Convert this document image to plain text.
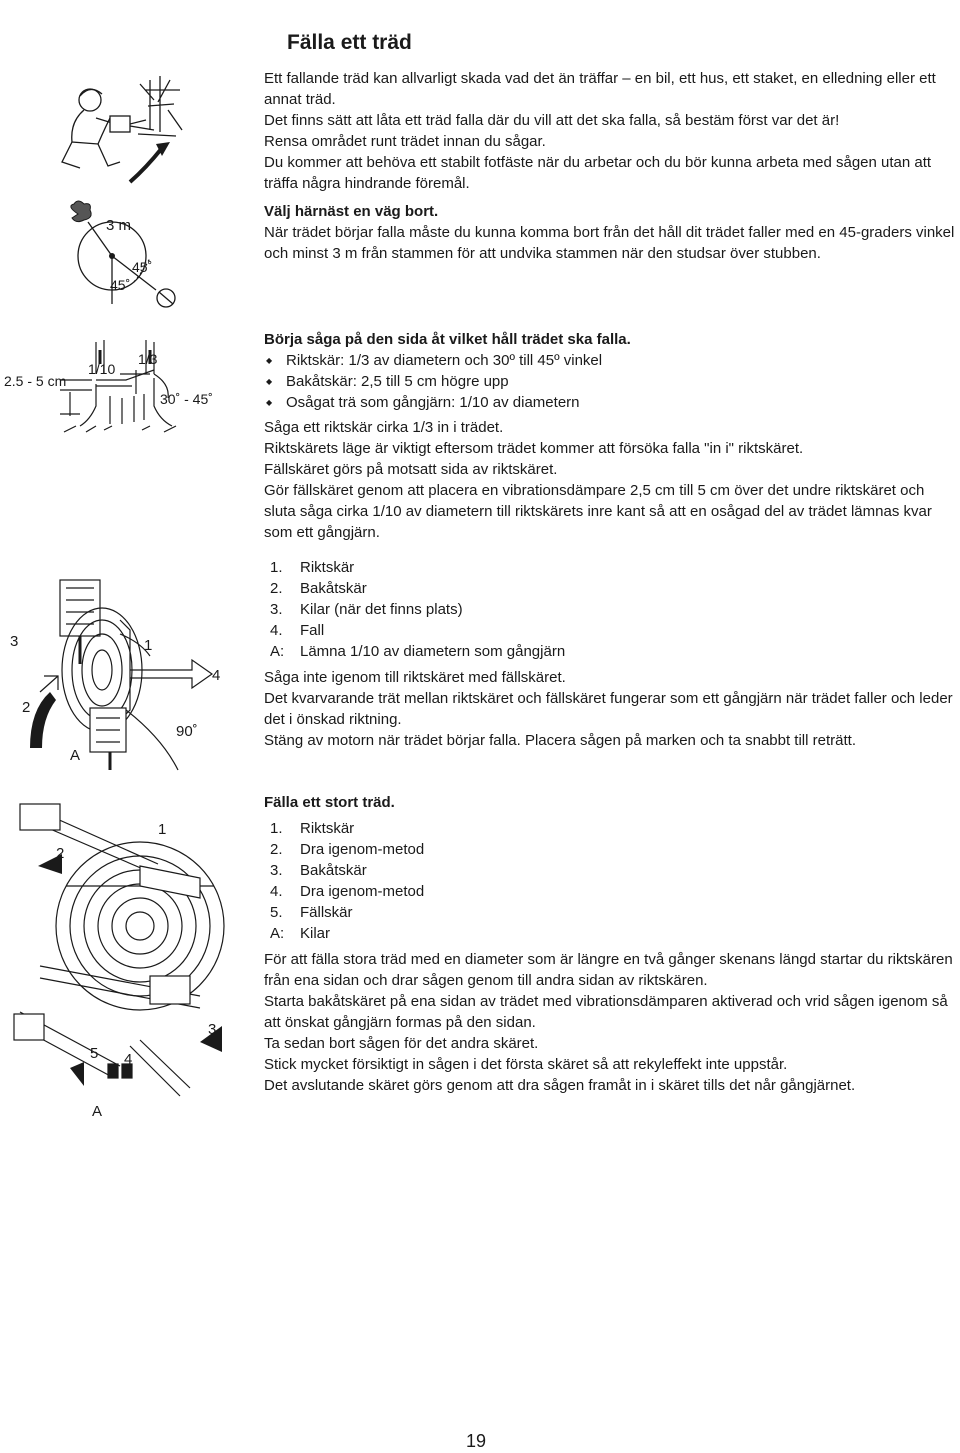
Fälla ett träd
3 m
45˚
45˚
2.5 - 5 cm
1/10
1/3
30˚ - 45˚
3	1
4
2
A
90˚
1
2
3
5 4
A

Ett fallande träd kan allvarligt skada vad det än träffar – en bil, ett hus, ett staket, en elledning eller ett annat träd.

Det finns sätt att låta ett träd falla där du vill att det ska falla, så bestäm först var det är!

Rensa området runt trädet innan du sågar.

Du kommer att behöva ett stabilt fotfäste när du arbetar och du bör kunna arbeta med sågen utan att träffa några hindrande föremål.

Välj härnäst en väg bort.

När trädet börjar falla måste du kunna komma bort från det håll dit trädet faller med en 45-graders vinkel och minst 3 m från stammen för att undvika stammen när den studsar över stubben.

Börja såga på den sida åt vilket håll trädet ska falla.

◆ Riktskär: 1/3 av diametern och 30º till 45º vinkel
◆ Bakåtskär: 2,5 till 5 cm högre upp
◆ Osågat trä som gångjärn: 1/10 av diametern

Såga ett riktskär cirka 1/3 in i trädet.

Riktskärets läge är viktigt eftersom trädet kommer att försöka falla "in i" riktskäret.

Fällskäret görs på motsatt sida av riktskäret.

Gör fällskäret genom att placera en vibrationsdämpare 2,5 cm till 5 cm över det undre riktskäret och sluta såga cirka 1/10 av diametern till riktskärets inre kant så att en osågad del av trädet lämnas kvar som ett gångjärn.

1.	Riktskär
2.	Bakåtskär
3.	Kilar (när det finns plats)
4.	Fall
A:	Lämna 1/10 av diametern som gångjärn

Såga inte igenom till riktskäret med fällskäret.

Det kvarvarande trät mellan riktskäret och fällskäret fungerar som ett gångjärn när trädet faller och leder det i önskad riktning.

Stäng av motorn när trädet börjar falla. Placera sågen på marken och ta snabbt till reträtt.

Fälla ett stort träd.

1.	Riktskär
2.	Dra igenom-metod
3.	Bakåtskär
4.	Dra igenom-metod
5.	Fällskär
A:	Kilar

För att fälla stora träd med en diameter som är längre en två gånger skenans längd startar du riktskären från ena sidan och drar sågen genom till andra sidan av riktskären.

Starta bakåtskäret på ena sidan av trädet med vibrationsdämparen aktiverad och vrid sågen igenom så att önskat gångjärn formas på den sidan.

Ta sedan bort sågen för det andra skäret.

Stick mycket försiktigt in sågen i det första skäret så att rekyleffekt inte uppstår.

Det avslutande skäret görs genom att dra sågen framåt in i skäret tills det når gångjärnet.

19
